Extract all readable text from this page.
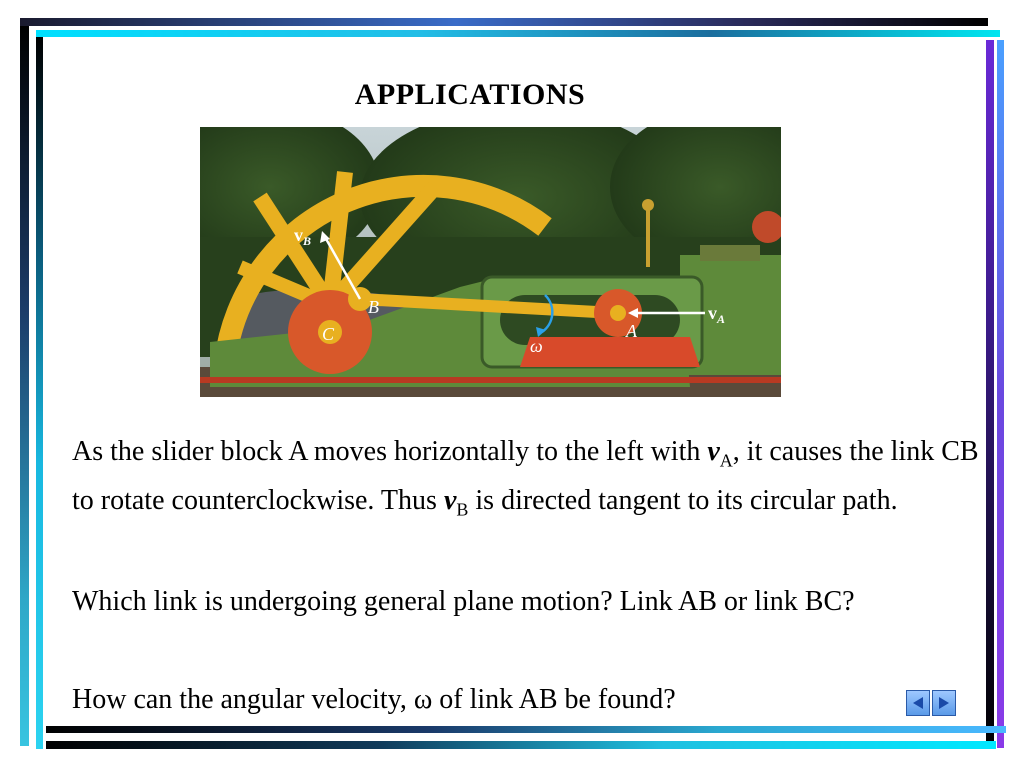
APPLICATIONS
$v_B$
B
C	A
ω
$v_A$

As the slider block A moves horizontally to the left with $v_A$, it causes the link CB to rotate counterclockwise. Thus $v_B$ is directed tangent to its circular path.

Which link is undergoing general plane motion? Link AB or link BC?

How can the angular velocity, ω of link AB be found?
